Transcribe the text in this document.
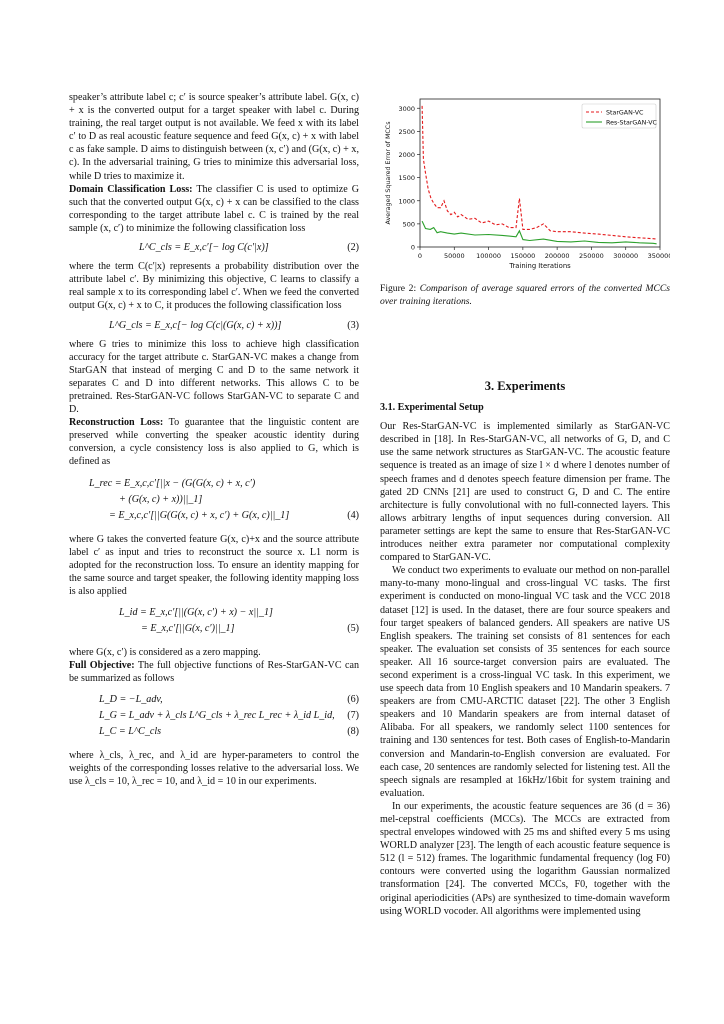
speaker’s attribute label c; c′ is source speaker’s attribute label. G(x, c) + x is the converted output for a target speaker with label c. During training, the real target output is not available. We feed x with its label c′ to D as real acoustic feature sequence and feed G(x, c) + x with label c as fake sample. D aims to distinguish between (x, c′) and (G(x, c) + x, c). In the adversarial training, G tries to minimize this adversarial loss, while D tries to maximize it.

Domain Classification Loss: The classifier C is used to optimize G such that the converted output G(x, c) + x can be classified to the class corresponding to the target attribute label c. C is trained by the real sample (x, c′) to minimize the following classification loss

L^C_cls = E_x,c′[− log C(c′|x)]	(2)

where the term C(c′|x) represents a probability distribution over the attribute label c′. By minimizing this objective, C learns to classify a real sample x to its corresponding label c′. When we feed the converted output G(x, c) + x to C, it produces the following classification loss

L^G_cls = E_x,c[− log C(c|(G(x, c) + x))]	(3)

where G tries to minimize this loss to achieve high classification accuracy for the target attribute c. StarGAN-VC makes a change from StarGAN that instead of merging C and D to the same network it separates C and D into different networks. This allows C to be pretrained. Res-StarGAN-VC follows StarGAN-VC to separate C and D.

Reconstruction Loss: To guarantee that the linguistic content are preserved while converting the speaker acoustic identity during conversion, a cycle consistency loss is also applied to G, which is defined as

L_rec = E_x,c,c′[||x − (G(G(x, c) + x, c′)
+ (G(x, c) + x))||_1]
= E_x,c,c′[||G(G(x, c) + x, c′) + G(x, c)||_1]	(4)

where G takes the converted feature G(x, c)+x and the source attribute label c′ as input and tries to reconstruct the source x. L1 norm is adopted for the reconstruction loss. To ensure an identity mapping for the same source and target speaker, the following identity mapping loss is also applied

L_id = E_x,c′[||(G(x, c′) + x) − x||_1]
= E_x,c′[||G(x, c′)||_1]	(5)

where G(x, c′) is considered as a zero mapping.

Full Objective: The full objective functions of Res-StarGAN-VC can be summarized as follows

L_D = −L_adv,	(6)
L_G = L_adv + λ_cls L^G_cls + λ_rec L_rec + λ_id L_id, (7)
L_C = L^C_cls	(8)

where λ_cls, λ_rec, and λ_id are hyper-parameters to control the weights of the corresponding losses relative to the adversarial loss. We use λ_cls = 10, λ_rec = 10, and λ_id = 10 in our experiments.

0
500
1000
1500
2000
2500
3000
0	50000 100000 150000 200000 250000 300000 350000
Training Iterations
Averaged Squared Error of MCCs
StarGAN-VC
Res-StarGAN-VC
Figure 2: Comparison of average squared errors of the converted MCCs over training iterations.
3. Experiments
3.1. Experimental Setup

Our Res-StarGAN-VC is implemented similarly as StarGAN-VC described in [18]. In Res-StarGAN-VC, all networks of G, D, and C use the same network structures as StarGAN-VC. The acoustic feature sequence is treated as an image of size l × d where l denotes number of speech frames and d denotes speech feature dimension per frame. The gated 2D CNNs [21] are used to construct G, D and C. The entire architecture is fully convolutional with no full-connected layers. This allows arbitrary lengths of input sequences during conversion. All parameter settings are kept the same to ensure that Res-StarGAN-VC introduces neither extra parameter nor computational complexity compared to StarGAN-VC.

We conduct two experiments to evaluate our method on non-parallel many-to-many mono-lingual and cross-lingual VC tasks. The first experiment is conducted on mono-lingual VC task and the VCC 2018 dataset [12] is used. In the dataset, there are four source speakers and four target speakers of balanced genders. All speakers are native US English speakers. The training set consists of 81 sentences for each speaker. The evaluation set consists of 35 sentences for each source speaker. All 16 source-target conversion pairs are evaluated. The second experiment is a cross-lingual VC task. In this experiment, we use speech data from 10 English speakers and 10 Mandarin speakers. 7 speakers are from CMU-ARCTIC dataset [22]. The other 3 English speakers and 10 Mandarin speakers are from internal dataset of Alibaba. For all speakers, we randomly select 1100 sentences for training and 130 sentences for test. Both cases of English-to-Mandarin conversion and Mandarin-to-English conversion are evaluated. For each case, 20 sentences are randomly selected for listening test. All the speech signals are resampled at 16kHz/16bit for system training and evaluation.

In our experiments, the acoustic feature sequences are 36 (d = 36) mel-cepstral coefficients (MCCs). The MCCs are extracted from spectral envelopes windowed with 25 ms and shifted every 5 ms using WORLD analyzer [23]. The length of each acoustic feature sequence is 512 (l = 512) frames. The logarithmic fundamental frequency (log F0) contours were converted using the logarithm Gaussian normalized transformation [24]. The converted MCCs, F0, together with the original aperiodicities (APs) are synthesized to time-domain waveform using WORLD vocoder. All algorithms were implemented using
